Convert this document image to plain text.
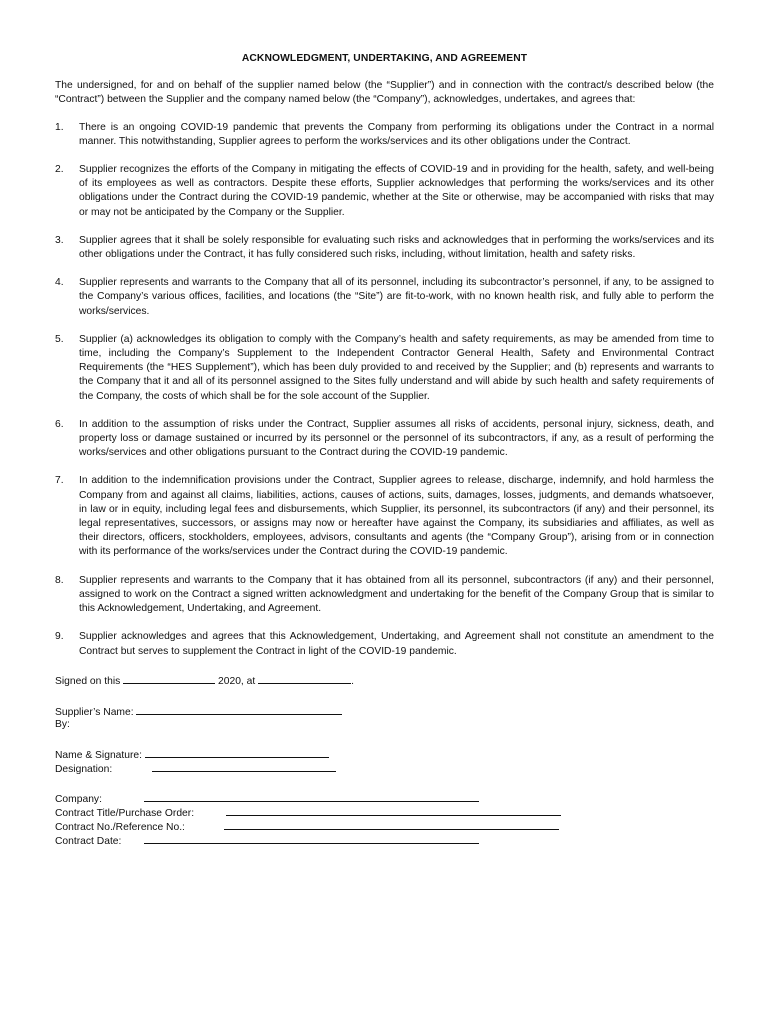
ACKNOWLEDGMENT, UNDERTAKING, AND AGREEMENT
The undersigned, for and on behalf of the supplier named below (the “Supplier”) and in connection with the contract/s described below (the “Contract”) between the Supplier and the company named below (the “Company”), acknowledges, undertakes, and agrees that:
1. There is an ongoing COVID-19 pandemic that prevents the Company from performing its obligations under the Contract in a normal manner. This notwithstanding, Supplier agrees to perform the works/services and its other obligations under the Contract.
2. Supplier recognizes the efforts of the Company in mitigating the effects of COVID-19 and in providing for the health, safety, and well-being of its employees as well as contractors. Despite these efforts, Supplier acknowledges that performing the works/services and its other obligations under the Contract during the COVID-19 pandemic, whether at the Site or otherwise, may be accompanied with risks that may or may not be anticipated by the Company or the Supplier.
3. Supplier agrees that it shall be solely responsible for evaluating such risks and acknowledges that in performing the works/services and its other obligations under the Contract, it has fully considered such risks, including, without limitation, health and safety risks.
4. Supplier represents and warrants to the Company that all of its personnel, including its subcontractor’s personnel, if any, to be assigned to the Company’s various offices, facilities, and locations (the “Site”) are fit-to-work, with no known health risk, and fully able to perform the works/services.
5. Supplier (a) acknowledges its obligation to comply with the Company’s health and safety requirements, as may be amended from time to time, including the Company’s Supplement to the Independent Contractor General Health, Safety and Environmental Contract Requirements (the “HES Supplement”), which has been duly provided to and received by the Supplier; and (b) represents and warrants to the Company that it and all of its personnel assigned to the Sites fully understand and will abide by such health and safety requirements of the Company, the costs of which shall be for the sole account of the Supplier.
6. In addition to the assumption of risks under the Contract, Supplier assumes all risks of accidents, personal injury, sickness, death, and property loss or damage sustained or incurred by its personnel or the personnel of its subcontractors, if any, as a result of performing the works/services and other obligations pursuant to the Contract during the COVID-19 pandemic.
7. In addition to the indemnification provisions under the Contract, Supplier agrees to release, discharge, indemnify, and hold harmless the Company from and against all claims, liabilities, actions, causes of actions, suits, damages, losses, judgments, and demands whatsoever, in law or in equity, including legal fees and disbursements, which Supplier, its personnel, its subcontractors (if any) and their personnel, its legal representatives, successors, or assigns may now or hereafter have against the Company, its subsidiaries and affiliates, as well as their directors, officers, stockholders, employees, advisors, consultants and agents (the “Company Group”), arising from or in connection with its performance of the works/services under the Contract during the COVID-19 pandemic.
8. Supplier represents and warrants to the Company that it has obtained from all its personnel, subcontractors (if any) and their personnel, assigned to work on the Contract a signed written acknowledgment and undertaking for the benefit of the Company Group that is similar to this Acknowledgement, Undertaking, and Agreement.
9. Supplier acknowledges and agrees that this Acknowledgement, Undertaking, and Agreement shall not constitute an amendment to the Contract but serves to supplement the Contract in light of the COVID-19 pandemic.
Signed on this	2020, at	.
Supplier’s Name:
By:
Name & Signature:
Designation:
Company:
Contract Title/Purchase Order:
Contract No./Reference No.:
Contract Date:
